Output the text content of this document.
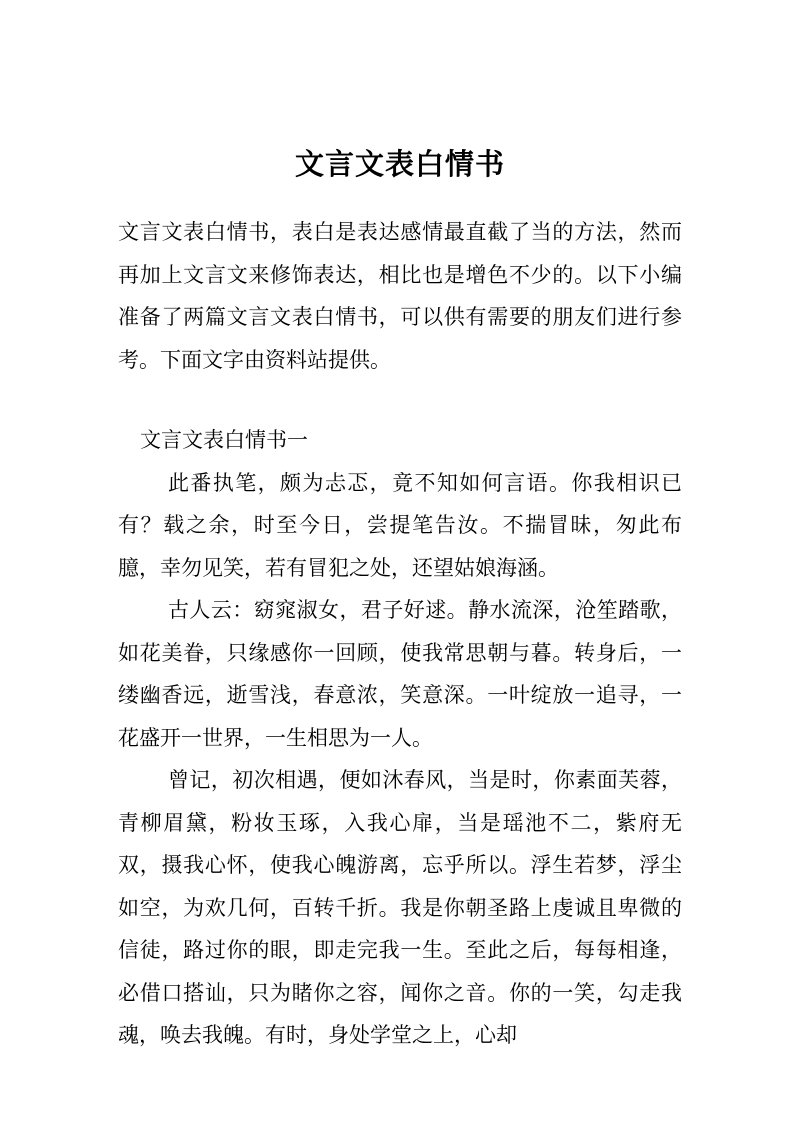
文言文表白情书

文言文表白情书，表白是表达感情最直截了当的方法，然而再加上文言文来修饰表达，相比也是增色不少的。以下小编准备了两篇文言文表白情书，可以供有需要的朋友们进行参考。下面文字由资料站提供。

文言文表白情书一

此番执笔，颇为忐忑，竟不知如何言语。你我相识已有？载之余，时至今日，尝提笔告汝。不揣冒昧，匆此布臆，幸勿见笑，若有冒犯之处，还望姑娘海涵。

古人云：窈窕淑女，君子好逑。静水流深，沧笙踏歌，如花美眷，只缘感你一回顾，使我常思朝与暮。转身后，一缕幽香远，逝雪浅，春意浓，笑意深。一叶绽放一追寻，一花盛开一世界，一生相思为一人。

曾记，初次相遇，便如沐春风，当是时，你素面芙蓉，青柳眉黛，粉妆玉琢，入我心扉，当是瑶池不二，紫府无双，摄我心怀，使我心魄游离，忘乎所以。浮生若梦，浮尘如空，为欢几何，百转千折。我是你朝圣路上虔诚且卑微的信徒，路过你的眼，即走完我一生。至此之后，每每相逢，必借口搭讪，只为睹你之容，闻你之音。你的一笑，勾走我魂，唤去我魄。有时，身处学堂之上，心却
